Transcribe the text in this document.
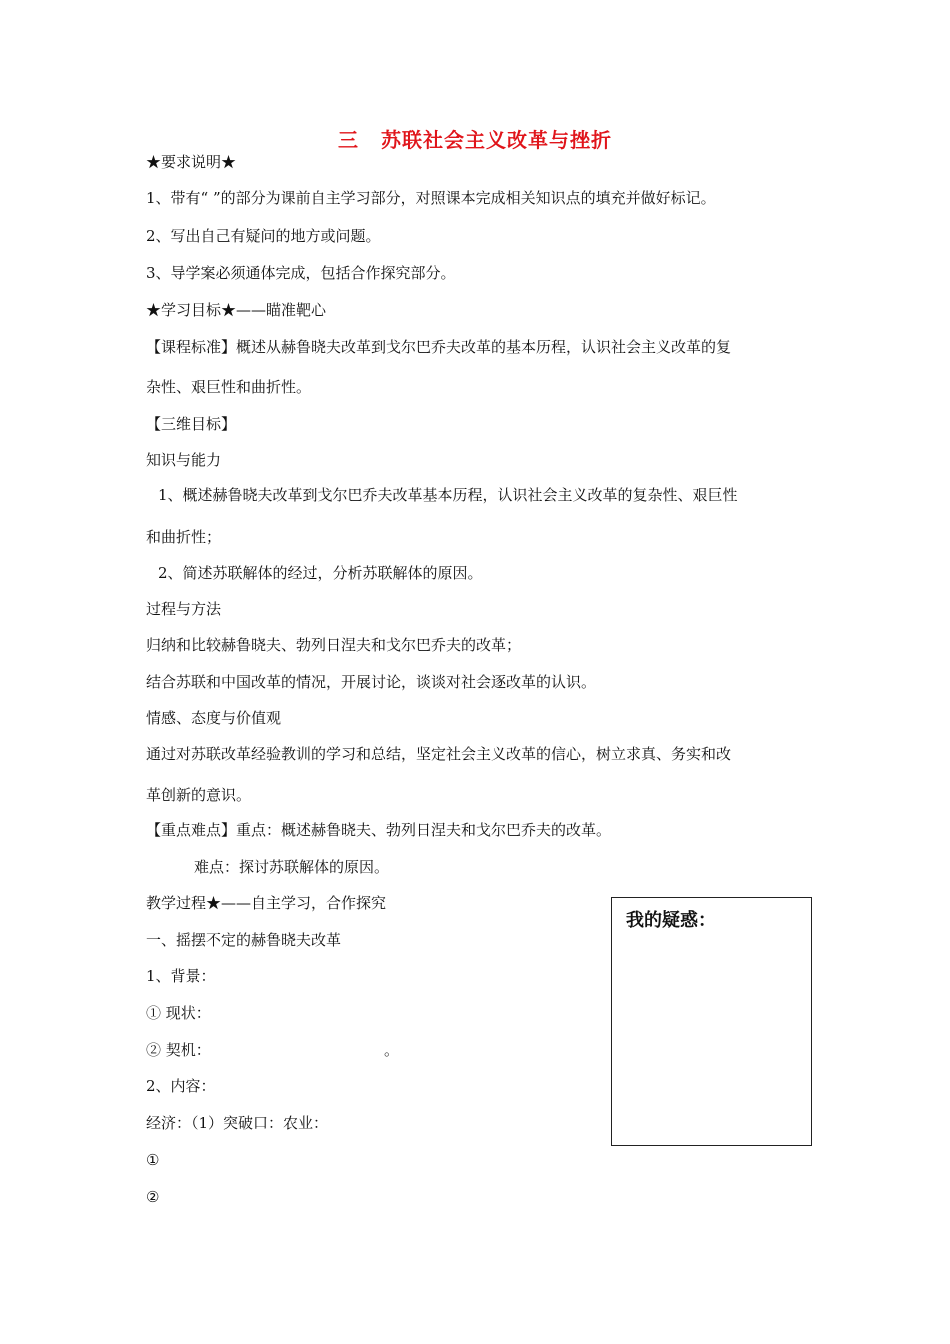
三 苏联社会主义改革与挫折
★要求说明★
1、带有“ ”的部分为课前自主学习部分，对照课本完成相关知识点的填充并做好标记。
2、写出自己有疑问的地方或问题。
3、导学案必须通体完成，包括合作探究部分。
★学习目标★——瞄准靶心
【课程标准】概述从赫鲁晓夫改革到戈尔巴乔夫改革的基本历程，认识社会主义改革的复
杂性、艰巨性和曲折性。
【三维目标】
知识与能力
1、概述赫鲁晓夫改革到戈尔巴乔夫改革基本历程，认识社会主义改革的复杂性、艰巨性
和曲折性；
2、简述苏联解体的经过，分析苏联解体的原因。
过程与方法
归纳和比较赫鲁晓夫、勃列日涅夫和戈尔巴乔夫的改革；
结合苏联和中国改革的情况，开展讨论，谈谈对社会逐改革的认识。
情感、态度与价值观
通过对苏联改革经验教训的学习和总结，坚定社会主义改革的信心，树立求真、务实和改
革创新的意识。
【重点难点】重点：概述赫鲁晓夫、勃列日涅夫和戈尔巴乔夫的改革。
难点：探讨苏联解体的原因。
教学过程★——自主学习，合作探究
一、摇摆不定的赫鲁晓夫改革
1、背景：
① 现状：
② 契机：	。
2、内容：
经济：（1）突破口：农业：
①
②
我的疑惑：
